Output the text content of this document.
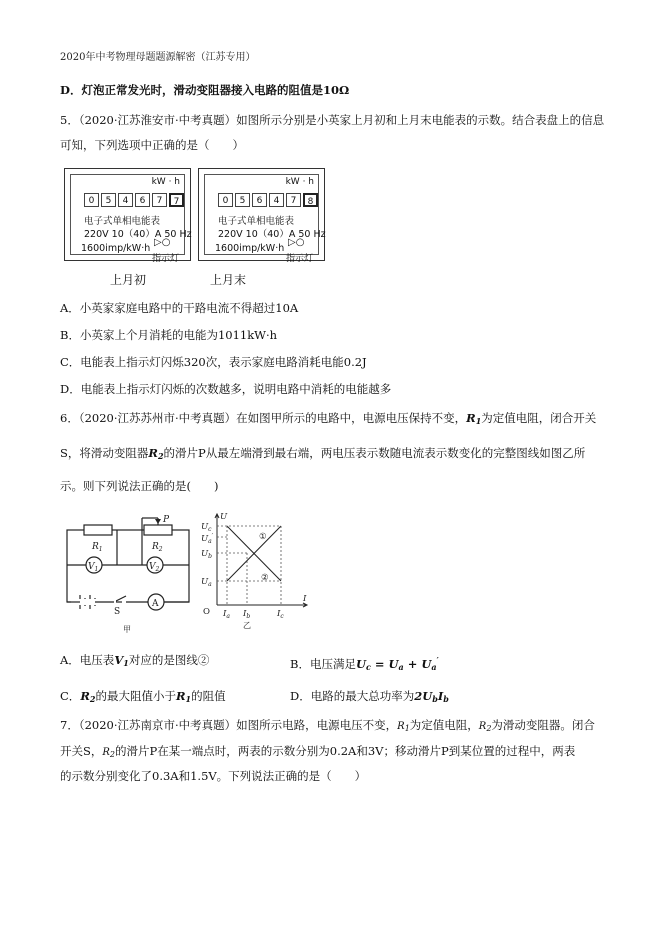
2020年中考物理母题题源解密（江苏专用）
D．灯泡正常发光时，滑动变阻器接入电路的阻值是10Ω
5．（2020·江苏淮安市·中考真题）如图所示分别是小英家上月初和上月末电能表的示数。结合表盘上的信息
可知，下列选项中正确的是（　　）
kW · h
0	5	4	6	7	7
电子式单相电能表
220V 10（40）A 50 Hz
1600imp/kW·h
▷○
指示灯
上月初
kW · h
0	5	6	4	7	8
电子式单相电能表
220V 10（40）A 50 Hz
1600imp/kW·h
▷○
指示灯
上月末
A．小英家家庭电路中的干路电流不得超过10A
B．小英家上个月消耗的电能为1011kW·h
C．电能表上指示灯闪烁320次，表示家庭电路消耗电能0.2J
D．电能表上指示灯闪烁的次数越多，说明电路中消耗的电能越多
6．（2020·江苏苏州市·中考真题）在如图甲所示的电路中，电源电压保持不变，$R_1$为定值电阻，闭合开关
S，将滑动变阻器$R_2$的滑片P从最左端滑到最右端，两电压表示数随电流表示数变化的完整图线如图乙所
示。则下列说法正确的是(　　)
$R_1$	$R_2$
P
$V_1$	$V_2$
A
S
甲
U
I
O
$U_c$
$U_a'$
$U_b$
$U_a$
$I_a$ $I_b$	$I_c$
①
②
乙
A．电压表$V_1$对应的是图线②	B．电压满足$U_c = U_a + U_a'$
C．$R_2$的最大阻值小于$R_1$的阻值	D．电路的最大总功率为$2U_bI_b$
7．（2020·江苏南京市·中考真题）如图所示电路，电源电压不变，$R_1$为定值电阻，$R_2$为滑动变阻器。闭合
开关S，$R_2$的滑片P在某一端点时，两表的示数分别为0.2A和3V；移动滑片P到某位置的过程中，两表
的示数分别变化了0.3A和1.5V。下列说法正确的是（　　）
